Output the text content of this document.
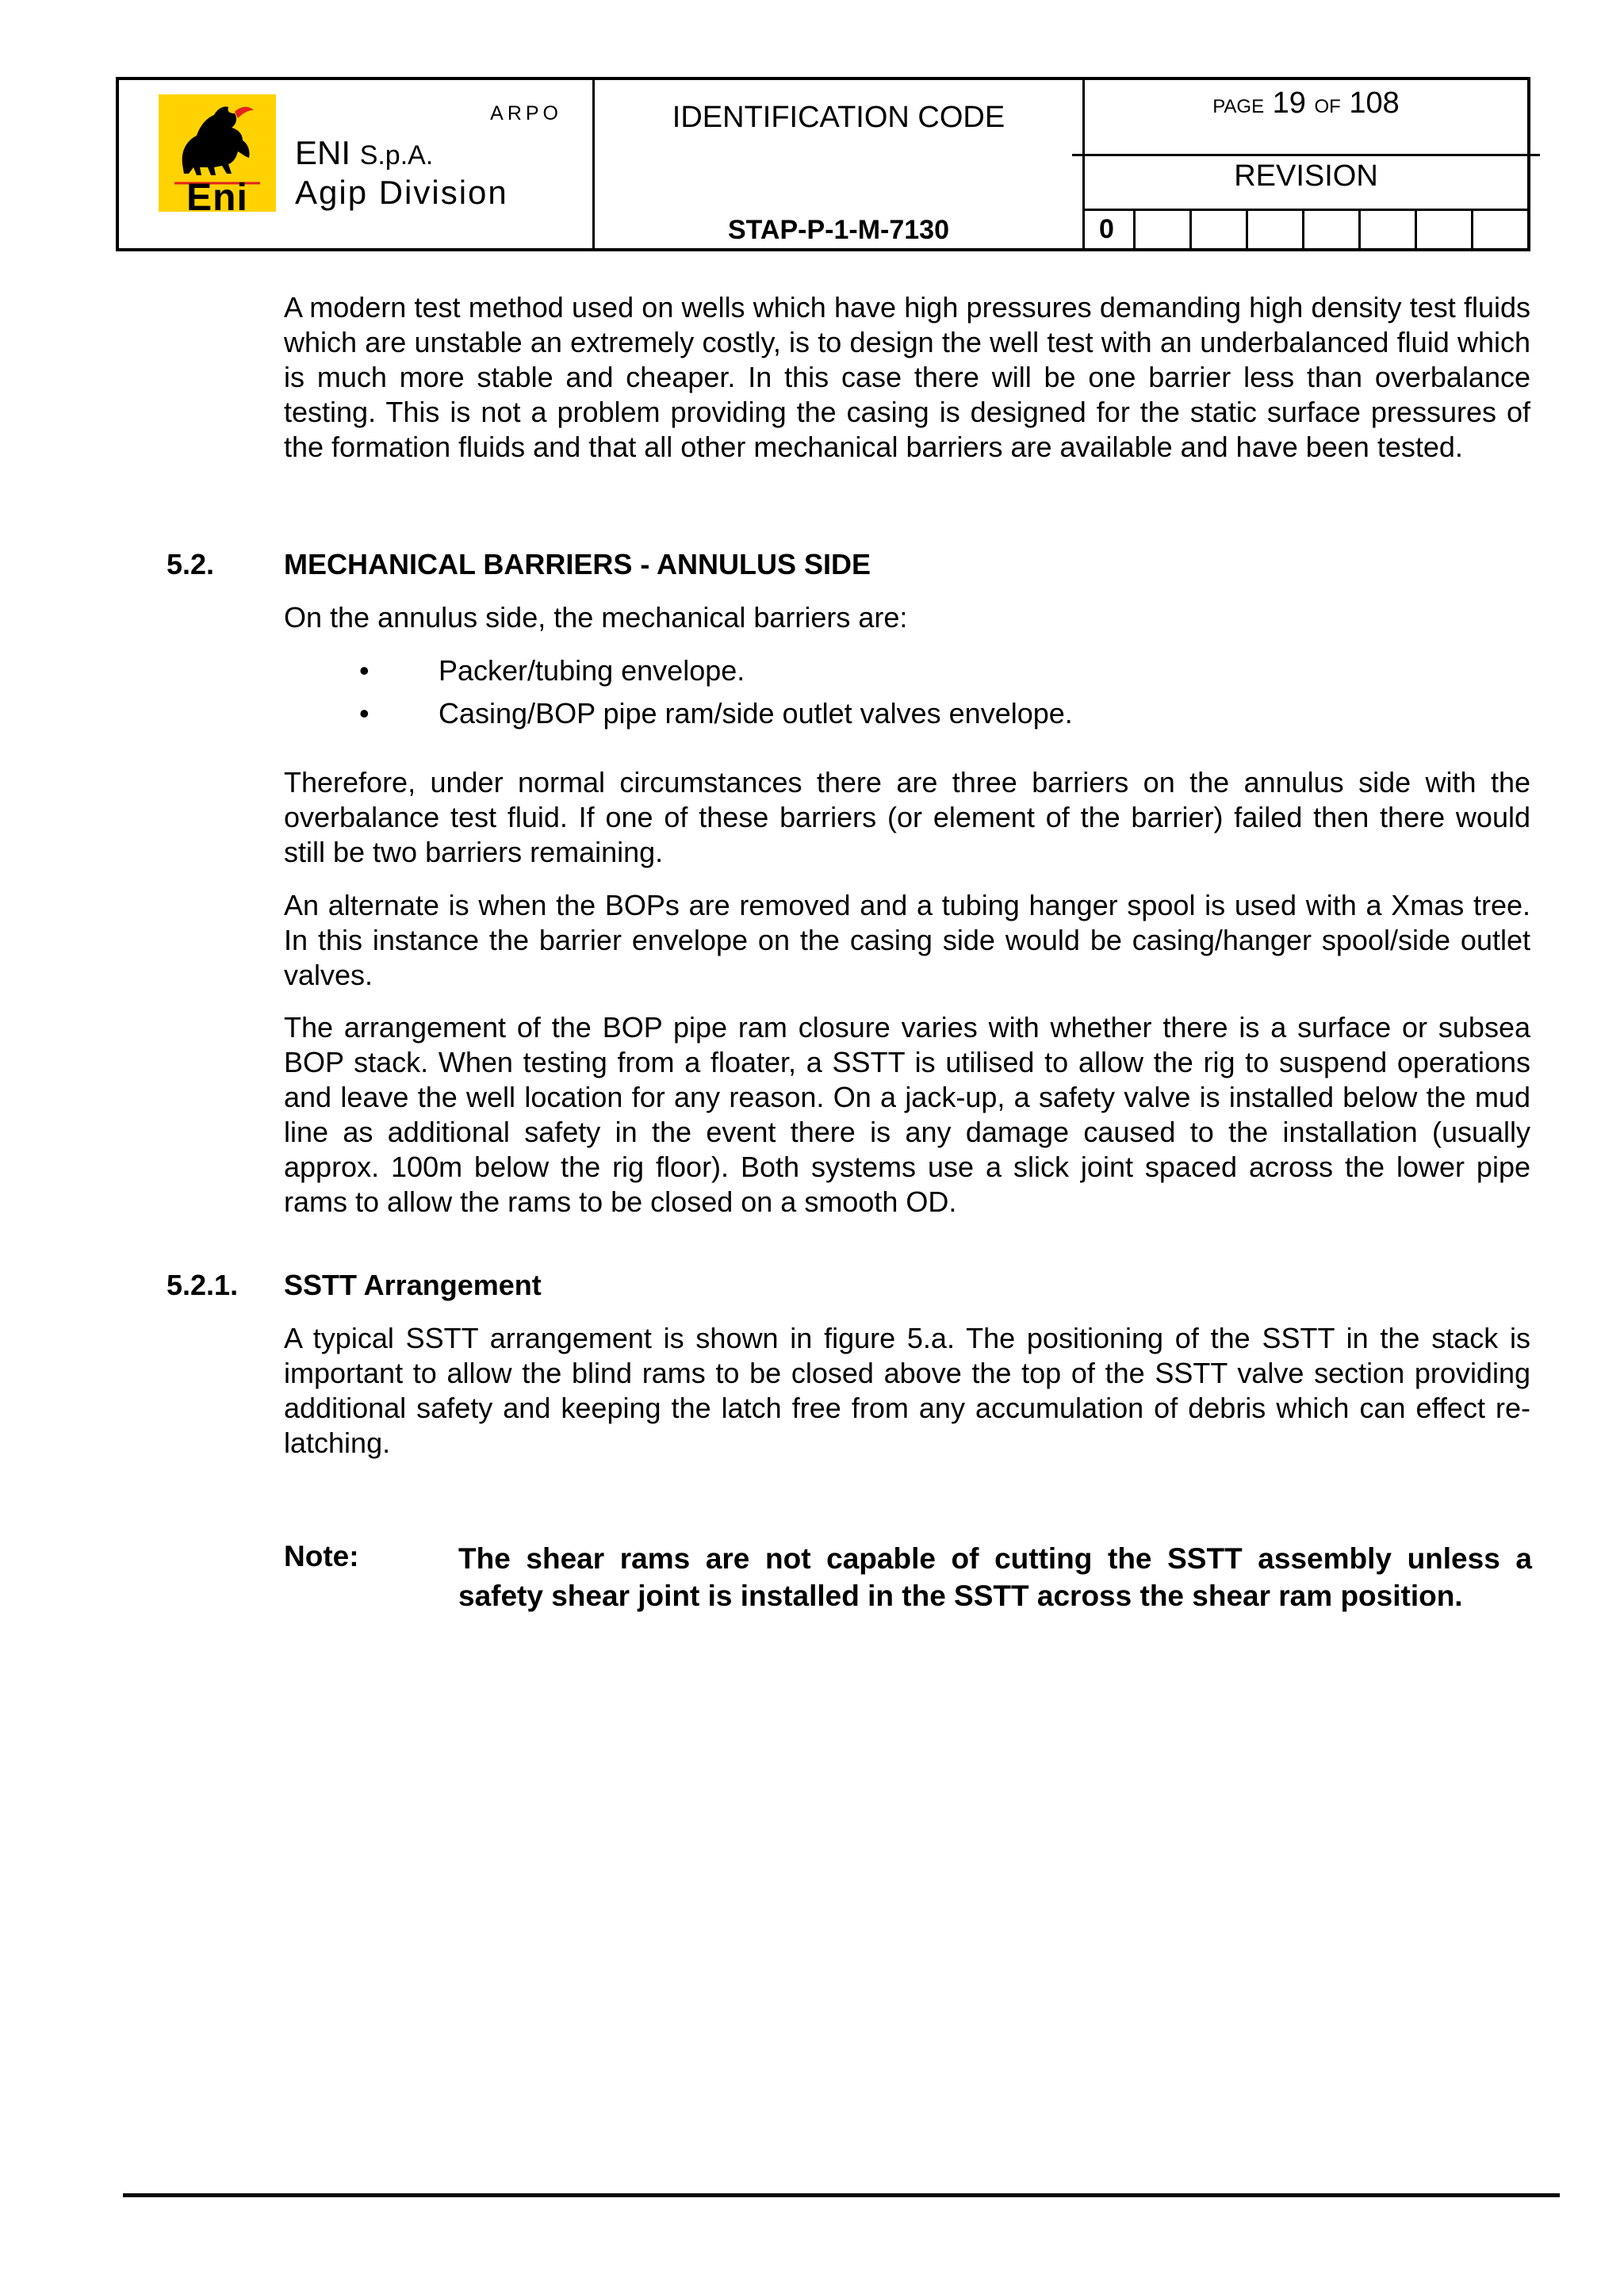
Eni
ARPO
ENI S.p.A.
Agip Division
IDENTIFICATION CODE
STAP-P-1-M-7130
PAGE 19 OF 108
REVISION
0

A modern test method used on wells which have high pressures demanding high density test fluids which are unstable an extremely costly, is to design the well test with an underbalanced fluid which is much more stable and cheaper. In this case there will be one barrier less than overbalance testing. This is not a problem providing the casing is designed for the static surface pressures of the formation fluids and that all other mechanical barriers are available and have been tested.

5.2. MECHANICAL BARRIERS - ANNULUS SIDE

On the annulus side, the mechanical barriers are:

• Packer/tubing envelope.
• Casing/BOP pipe ram/side outlet valves envelope.

Therefore, under normal circumstances there are three barriers on the annulus side with the overbalance test fluid. If one of these barriers (or element of the barrier) failed then there would still be two barriers remaining.

An alternate is when the BOPs are removed and a tubing hanger spool is used with a Xmas tree. In this instance the barrier envelope on the casing side would be casing/hanger spool/side outlet valves.

The arrangement of the BOP pipe ram closure varies with whether there is a surface or subsea BOP stack. When testing from a floater, a SSTT is utilised to allow the rig to suspend operations and leave the well location for any reason. On a jack-up, a safety valve is installed below the mud line as additional safety in the event there is any damage caused to the installation (usually approx. 100m below the rig floor). Both systems use a slick joint spaced across the lower pipe rams to allow the rams to be closed on a smooth OD.

5.2.1. SSTT Arrangement

A typical SSTT arrangement is shown in figure 5.a. The positioning of the SSTT in the stack is important to allow the blind rams to be closed above the top of the SSTT valve section providing additional safety and keeping the latch free from any accumulation of debris which can effect re-latching.

Note:	The shear rams are not capable of cutting the SSTT assembly unless a safety shear joint is installed in the SSTT across the shear ram position.
